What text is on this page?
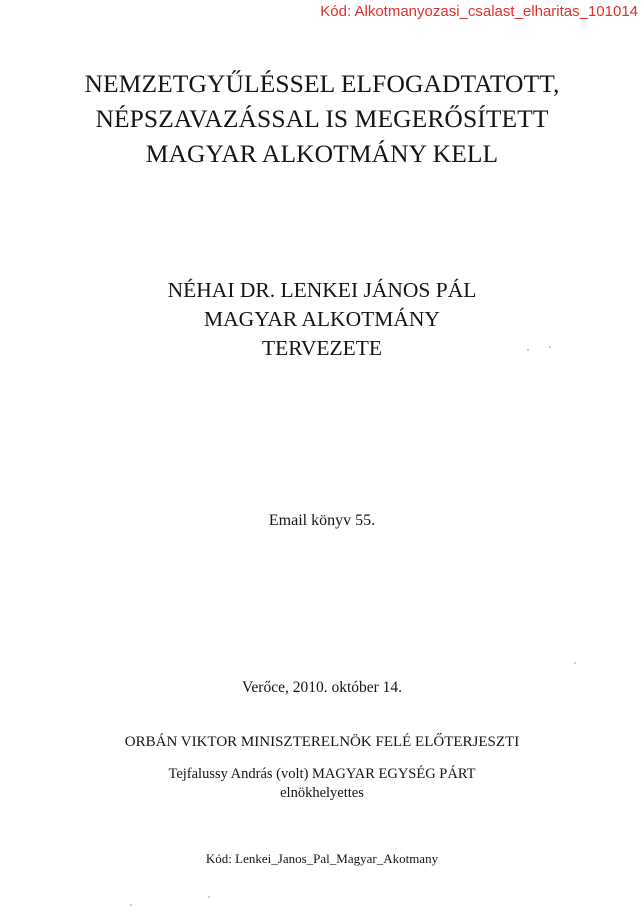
Kód: Alkotmanyozasi_csalast_elharitas_101014
NEMZETGYŰLÉSSEL ELFOGADTATOTT,
NÉPSZAVAZÁSSAL IS MEGERŐSÍTETT
MAGYAR ALKOTMÁNY KELL
NÉHAI DR. LENKEI JÁNOS PÁL
MAGYAR ALKOTMÁNY
TERVEZETE
Email könyv 55.
Verőce, 2010. október 14.
ORBÁN VIKTOR MINISZTERELNÖK FELÉ ELŐTERJESZTI
Tejfalussy András (volt) MAGYAR EGYSÉG PÁRT
elnökhelyettes
Kód: Lenkei_Janos_Pal_Magyar_Akotmany
